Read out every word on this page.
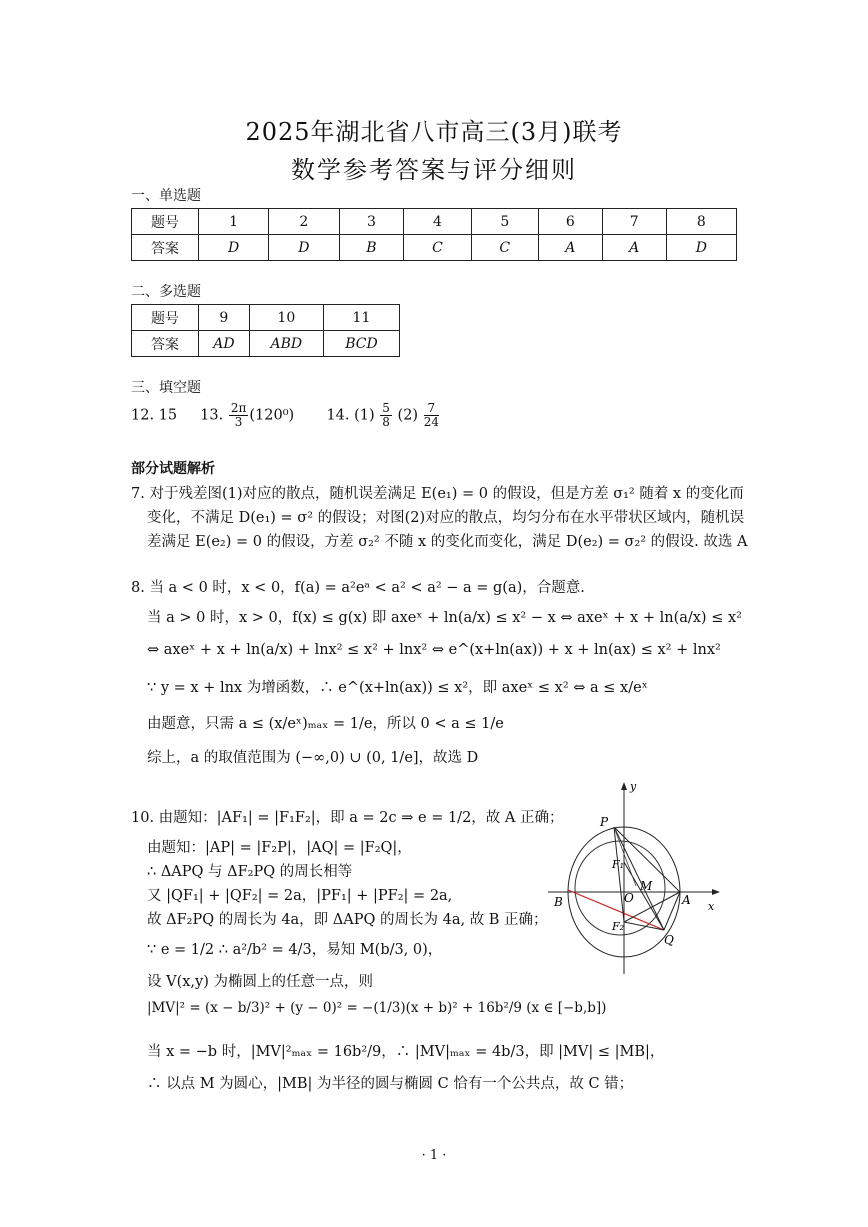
2025年湖北省八市高三(3月)联考
数学参考答案与评分细则
一、单选题
题号	1	2	3	4	5	6	7	8
答案	D	D	B	C	C	A	A	D
二、多选题
题号	9	10	11
答案	AD	ABD	BCD
三、填空题
12. 15 13. $\frac{2\pi}{3} (120^0)$ 14. $(1) \frac{5}{8} (2) \frac{7}{24}$
部分试题解析
7. 对于残差图(1)对应的散点，随机误差满足 E(e₁) = 0 的假设，但是方差 σ₁² 随着 x 的变化而
变化，不满足 D(e₁) = σ² 的假设；对图(2)对应的散点，均匀分布在水平带状区域内，随机误
差满足 E(e₂) = 0 的假设，方差 σ₂² 不随 x 的变化而变化，满足 D(e₂) = σ₂² 的假设. 故选 A
8. 当 a < 0 时，x < 0，f(a) = a²eᵃ < a² < a² − a = g(a)，合题意.
当 a > 0 时，x > 0，f(x) ≤ g(x) 即 axeˣ + ln(a/x) ≤ x² − x ⇔ axeˣ + x + ln(a/x) ≤ x²
⇔ axeˣ + x + ln(a/x) + lnx² ≤ x² + lnx² ⇔ e^(x+ln(ax)) + x + ln(ax) ≤ x² + lnx²
∵ y = x + lnx 为增函数，∴ e^(x+ln(ax)) ≤ x²，即 axeˣ ≤ x² ⇔ a ≤ x/eˣ
由题意，只需 a ≤ (x/eˣ)ₘₐₓ = 1/e，所以 0 < a ≤ 1/e
综上，a 的取值范围为 (−∞,0) ∪ (0, 1/e]，故选 D
10. 由题知：|AF₁| = |F₁F₂|，即 a = 2c ⇒ e = 1/2，故 A 正确；
由题知：|AP| = |F₂P|，|AQ| = |F₂Q|，
∴ ΔAPQ 与 ΔF₂PQ 的周长相等
又 |QF₁| + |QF₂| = 2a，|PF₁| + |PF₂| = 2a,
故 ΔF₂PQ 的周长为 4a，即 ΔAPQ 的周长为 4a, 故 B 正确；
∵ e = 1/2 ∴ a²/b² = 4/3，易知 M(b/3, 0)，
设 V(x,y) 为椭圆上的任意一点，则
|MV|² = (x − b/3)² + (y − 0)² = −(1/3)(x + b)² + 16b²/9 (x ∈ [−b,b])
当 x = −b 时，|MV|²ₘₐₓ = 16b²/9，∴ |MV|ₘₐₓ = 4b/3，即 |MV| ≤ |MB|，
∴ 以点 M 为圆心，|MB| 为半径的圆与椭圆 C 恰有一个公共点，故 C 错；
y
x
P
F₁
M
O	A
B
F₂
Q
· 1 ·
